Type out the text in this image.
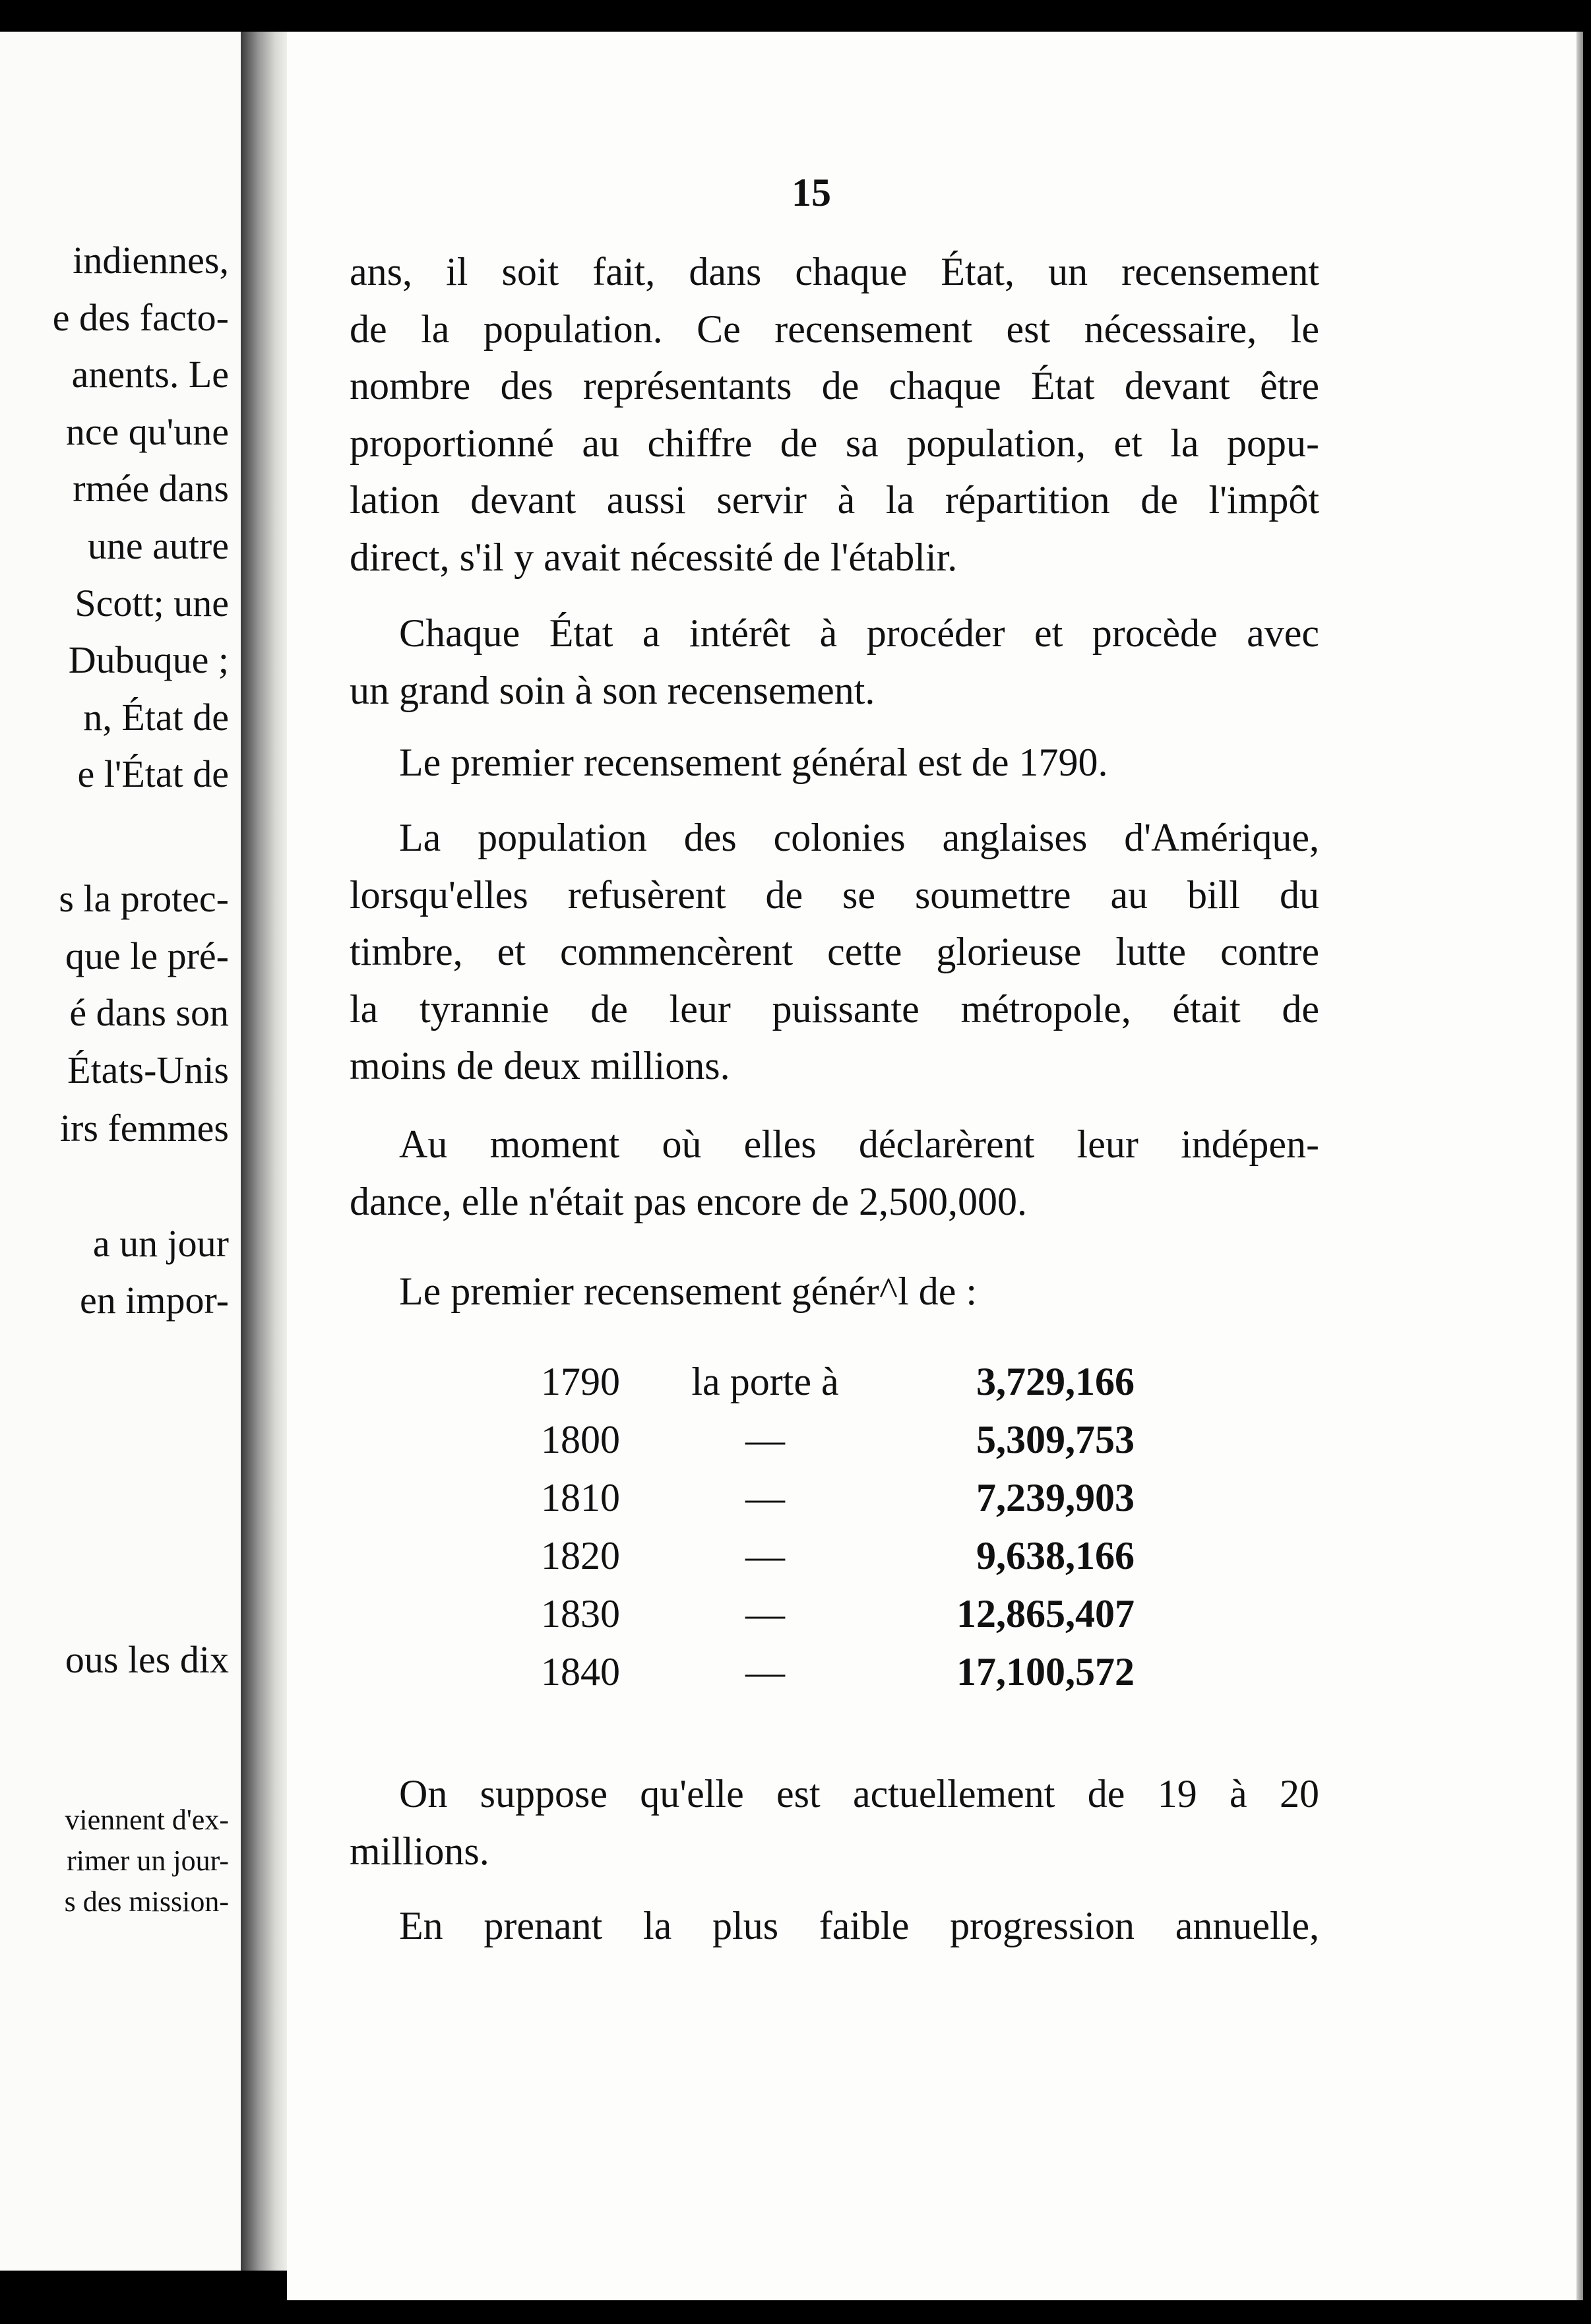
indiennes,
e des facto-
anents. Le
nce qu'une
rmée dans
une autre
Scott; une
Dubuque ;
n, État de
e l'État de
s la protec-
que le pré-
é dans son
États-Unis
irs femmes
a un jour
en impor-
ous les dix
viennent d'ex-
rimer un jour-
s des mission-
15
ans, il soit fait, dans chaque État, un recensement
de la population. Ce recensement est nécessaire, le
nombre des représentants de chaque État devant être
proportionné au chiffre de sa population, et la popu-
lation devant aussi servir à la répartition de l'impôt
direct, s'il y avait nécessité de l'établir.
Chaque État a intérêt à procéder et procède avec
un grand soin à son recensement.
Le premier recensement général est de 1790.
La population des colonies anglaises d'Amérique,
lorsqu'elles refusèrent de se soumettre au bill du
timbre, et commencèrent cette glorieuse lutte contre
la tyrannie de leur puissante métropole, était de
moins de deux millions.
Au moment où elles déclarèrent leur indépen-
dance, elle n'était pas encore de 2,500,000.
Le premier recensement génér^l de :
On suppose qu'elle est actuellement de 19 à 20
millions.
En prenant la plus faible progression annuelle,
1790	la porte à	3,729,166
1800	—	5,309,753
1810	—	7,239,903
1820	—	9,638,166
1830	—	12,865,407
1840	—	17,100,572
